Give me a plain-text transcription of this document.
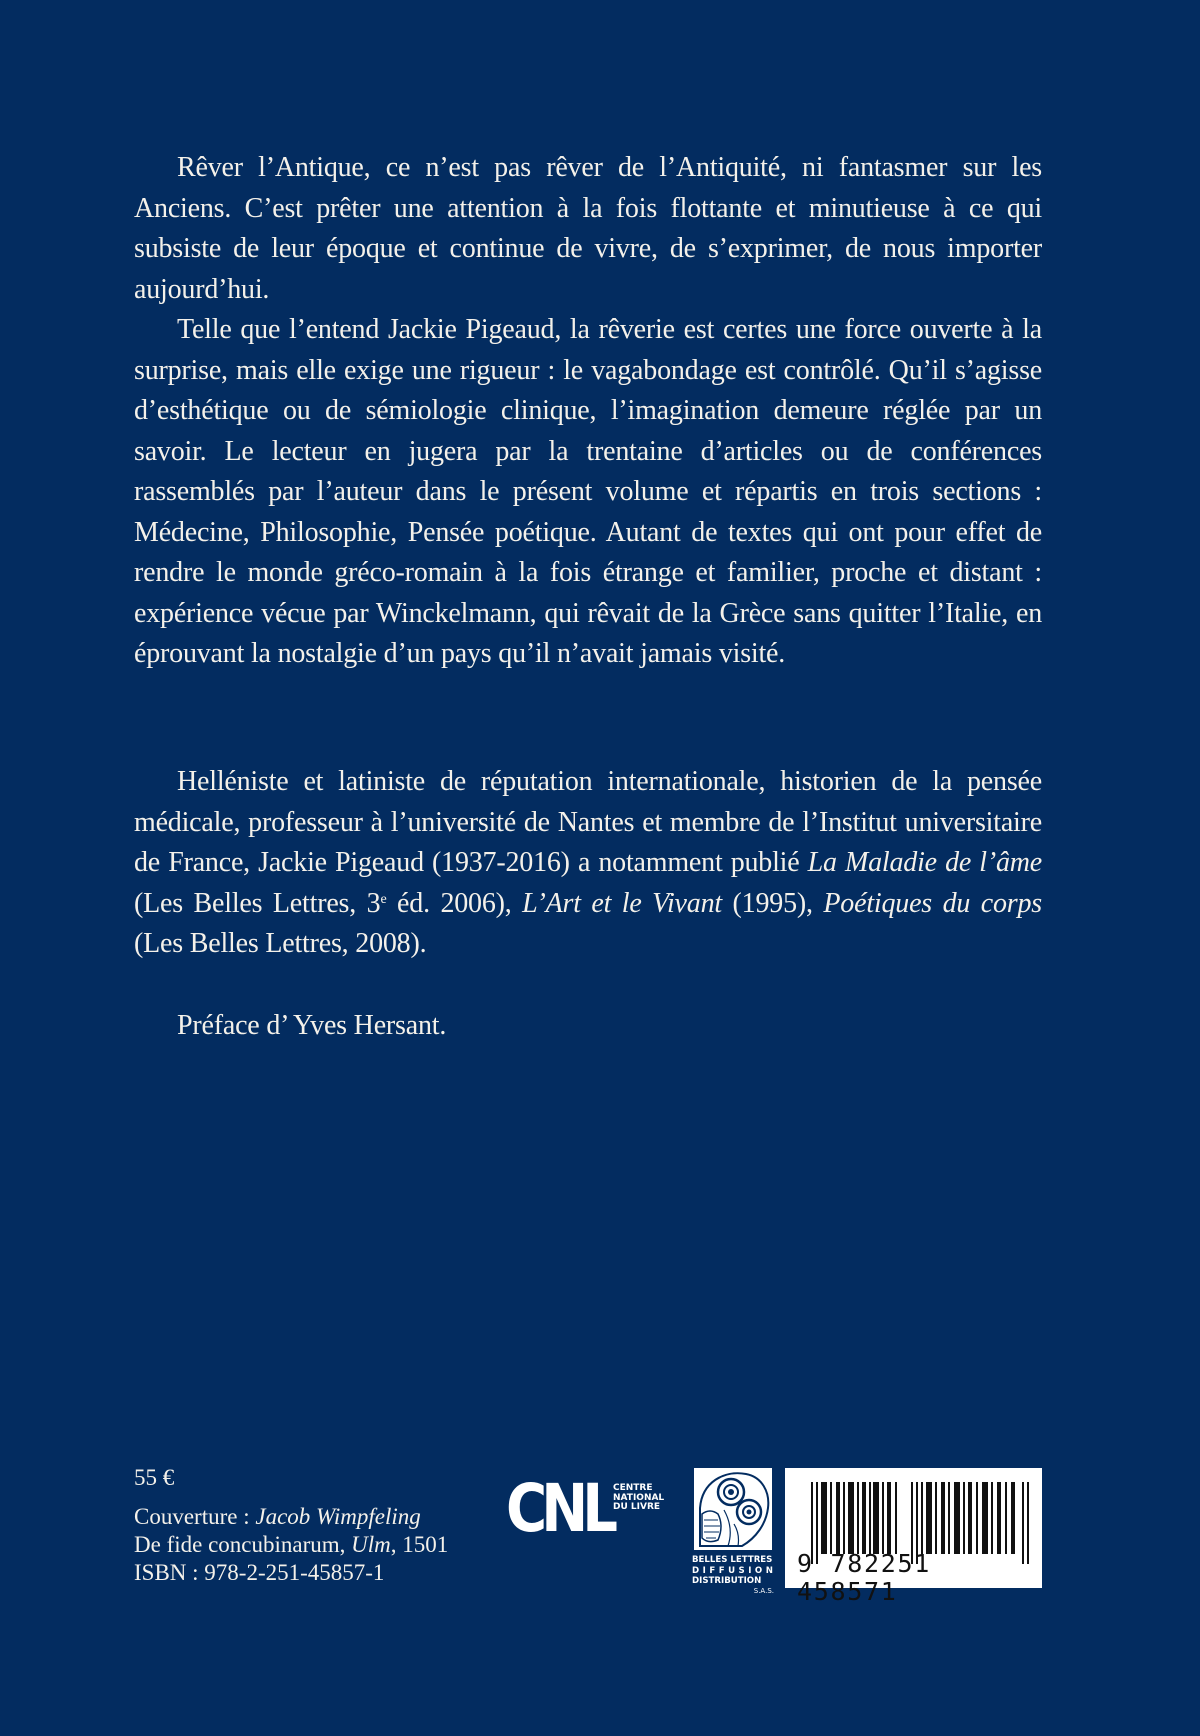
Rêver l’Antique, ce n’est pas rêver de l’Antiquité, ni fantasmer sur les Anciens. C’est prêter une attention à la fois flottante et minutieuse à ce qui subsiste de leur époque et continue de vivre, de s’exprimer, de nous importer aujourd’hui.

Telle que l’entend Jackie Pigeaud, la rêverie est certes une force ouverte à la surprise, mais elle exige une rigueur : le vagabondage est contrôlé. Qu’il s’agisse d’esthétique ou de sémiologie clinique, l’imagination demeure réglée par un savoir. Le lecteur en jugera par la trentaine d’articles ou de conférences rassemblés par l’auteur dans le présent volume et répartis en trois sections : Médecine, Philosophie, Pensée poétique. Autant de textes qui ont pour effet de rendre le monde gréco-romain à la fois étrange et familier, proche et distant : expérience vécue par Winckelmann, qui rêvait de la Grèce sans quitter l’Italie, en éprouvant la nostalgie d’un pays qu’il n’avait jamais visité.

Helléniste et latiniste de réputation internationale, historien de la pensée médicale, professeur à l’université de Nantes et membre de l’Institut universitaire de France, Jackie Pigeaud (1937-2016) a notamment publié La Maladie de l’âme (Les Belles Lettres, 3e éd. 2006), L’Art et le Vivant (1995), Poétiques du corps (Les Belles Lettres, 2008).

Préface d’ Yves Hersant.

55 €
Couverture : Jacob Wimpfeling
De fide concubinarum, Ulm, 1501
ISBN : 978-2-251-45857-1
CNL CENTRE
NATIONAL
DU LIVRE
BELLES LETTRES
DIFFUSION
DISTRIBUTION
S.A.S.
9 782251 458571
